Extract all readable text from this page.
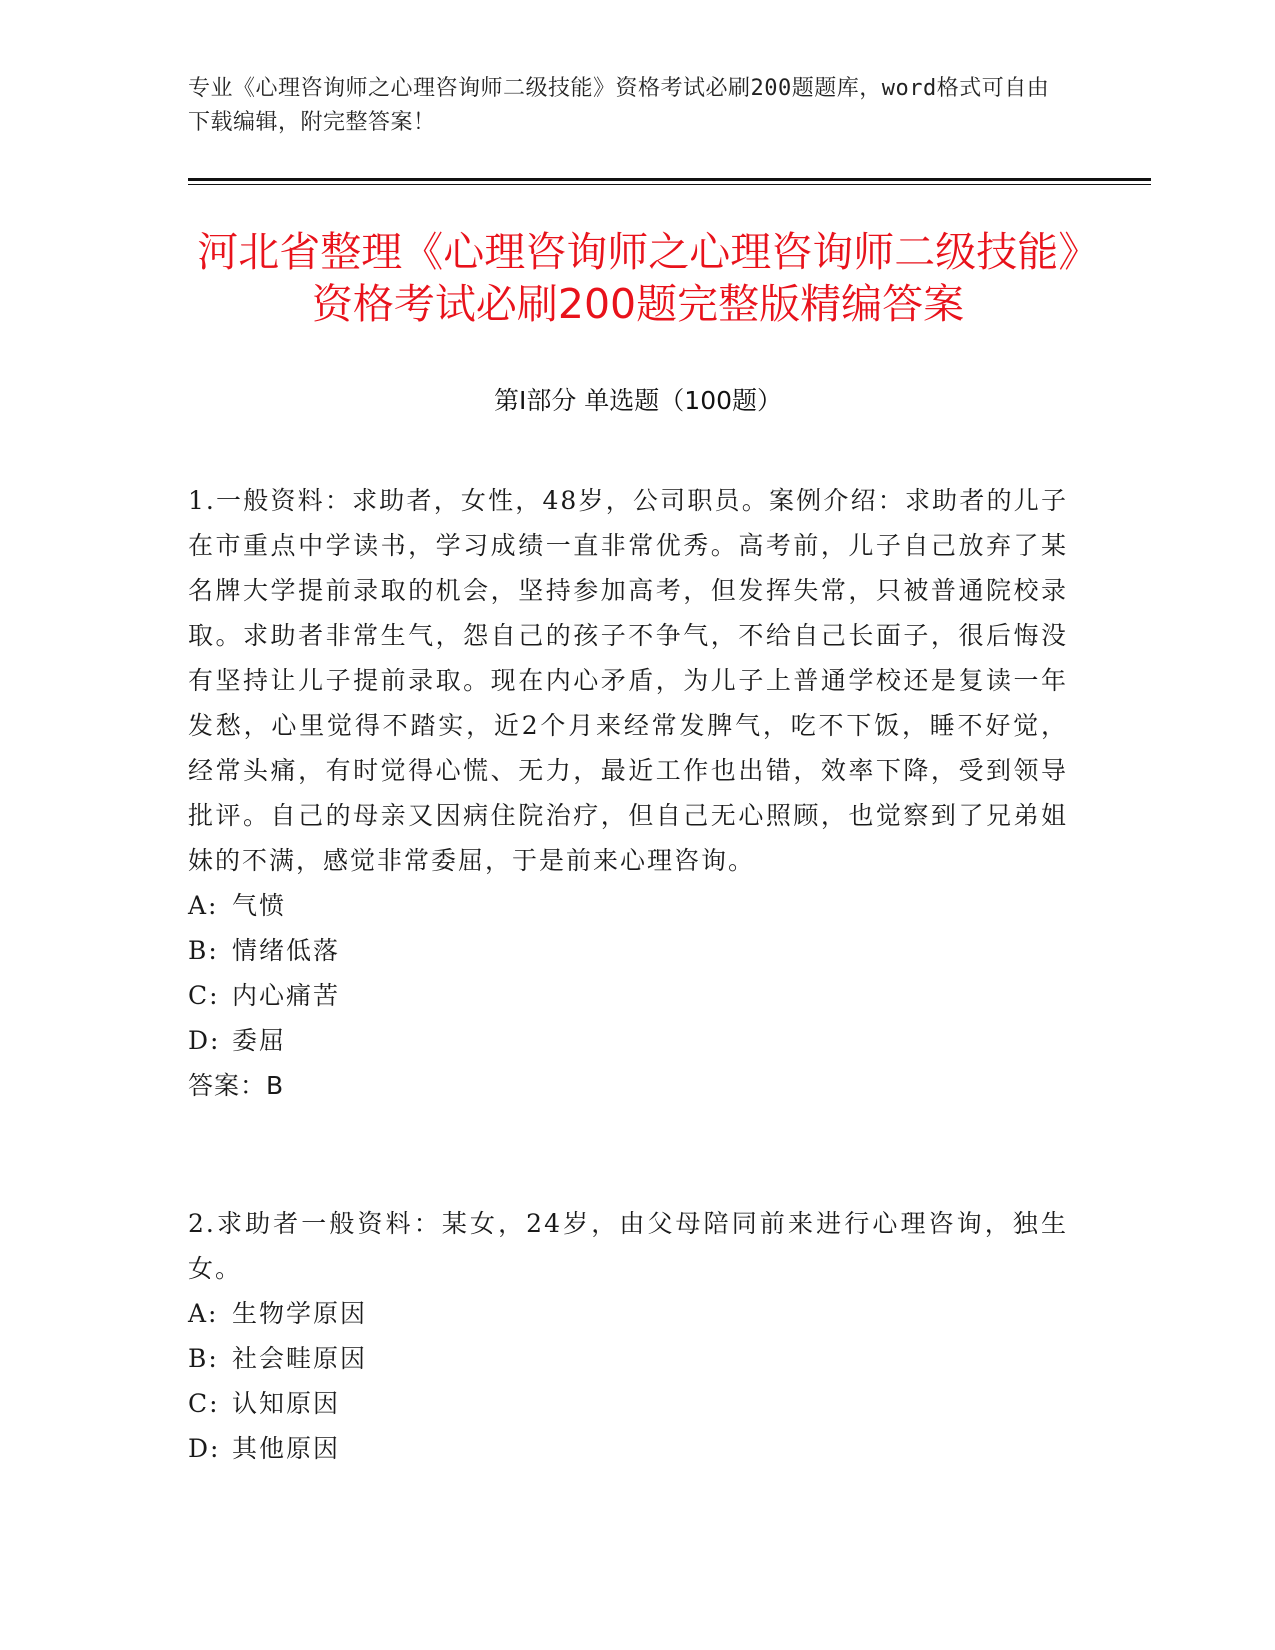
专业《心理咨询师之心理咨询师二级技能》资格考试必刷200题题库，word格式可自由下载编辑，附完整答案！
河北省整理《心理咨询师之心理咨询师二级技能》资格考试必刷200题完整版精编答案
第Ⅰ部分 单选题（100题）

1.一般资料：求助者，女性，48岁，公司职员。案例介绍：求助者的儿子在市重点中学读书，学习成绩一直非常优秀。高考前，儿子自己放弃了某名牌大学提前录取的机会，坚持参加高考，但发挥失常，只被普通院校录取。求助者非常生气，怨自己的孩子不争气，不给自己长面子，很后悔没有坚持让儿子提前录取。现在内心矛盾，为儿子上普通学校还是复读一年发愁，心里觉得不踏实，近2个月来经常发脾气，吃不下饭，睡不好觉，经常头痛，有时觉得心慌、无力，最近工作也出错，效率下降，受到领导批评。自己的母亲又因病住院治疗，但自己无心照顾，也觉察到了兄弟姐妹的不满，感觉非常委屈，于是前来心理咨询。

A: 气愤

B: 情绪低落

C: 内心痛苦

D: 委屈

答案：B

2.求助者一般资料：某女，24岁，由父母陪同前来进行心理咨询，独生女。

A: 生物学原因

B: 社会畦原因

C: 认知原因

D: 其他原因
